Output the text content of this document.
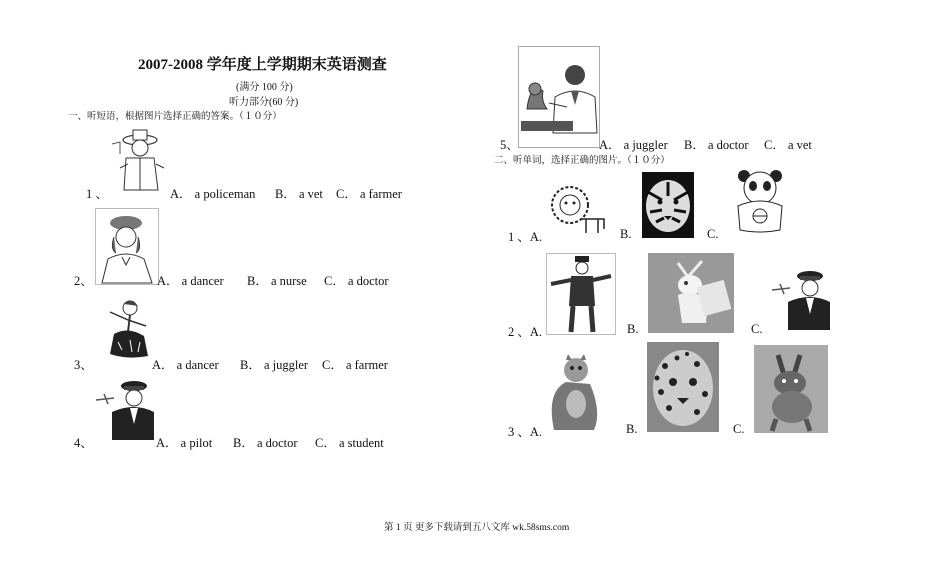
2007-2008 学年度上学期期末英语测查
(满分 100 分)
听力部分(60 分)
一、听短语，根据图片选择正确的答案。（１０分）
1 、	A． a policeman B． a vet C． a farmer
2、	A． a dancer B． a nurse C． a doctor
3、	A． a dancer B． a juggler C． a farmer
4、	A． a pilot B． a doctor C． a student
5、	A． a juggler B． a doctor C． a vet
二、听单词，选择正确的图片。（１０分）
1 、A.	B.	C.
2 、A.	B.	C.
3 、A.	B.	C.
第 1 页 更多下载请到五八文库 wk.58sms.com
